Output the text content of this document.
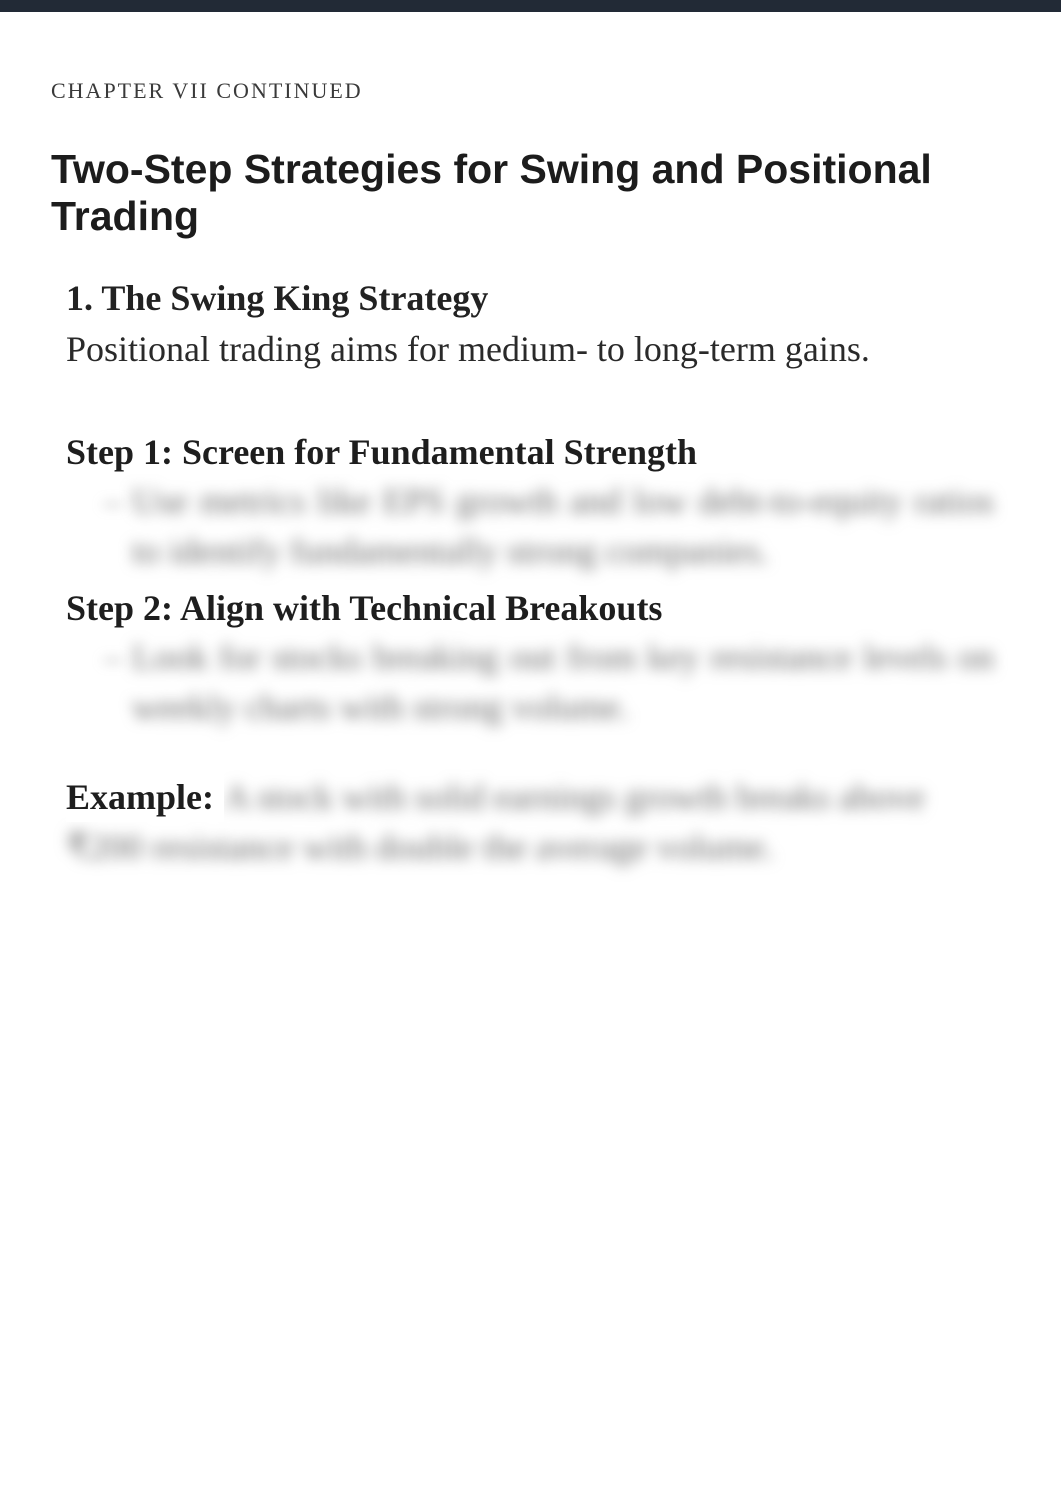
CHAPTER VII CONTINUED
Two-Step Strategies for Swing and Positional Trading
1. The Swing King Strategy

Positional trading aims for medium- to long-term gains.

Step 1: Screen for Fundamental Strength
– Use metrics like EPS growth and low debt-to-equity ratios to identify fundamentally strong companies.
Step 2: Align with Technical Breakouts
– Look for stocks breaking out from key resistance levels on weekly charts with strong volume.
Example: A stock with solid earnings growth breaks above ₹200 resistance with double the average volume.
